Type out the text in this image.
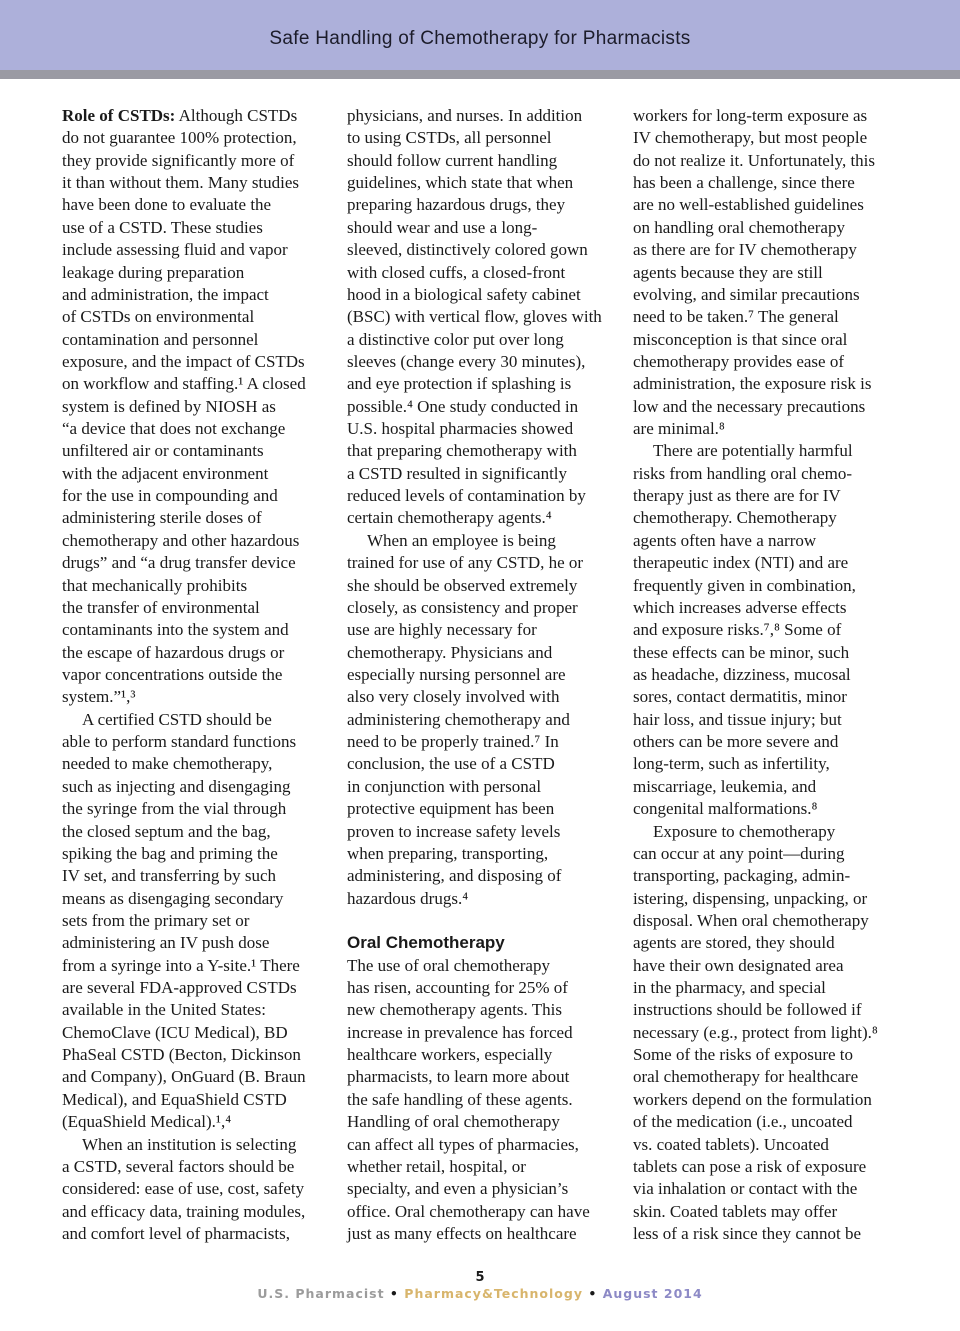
Safe Handling of Chemotherapy for Pharmacists
Role of CSTDs: Although CSTDs
do not guarantee 100% protection,
they provide significantly more of
it than without them. Many studies
have been done to evaluate the
use of a CSTD. These studies
include assessing fluid and vapor
leakage during preparation
and administration, the impact
of CSTDs on environmental
contamination and personnel
exposure, and the impact of CSTDs
on workflow and staffing.¹ A closed
system is defined by NIOSH as
“a device that does not exchange
unfiltered air or contaminants
with the adjacent environment
for the use in compounding and
administering sterile doses of
chemotherapy and other hazardous
drugs” and “a drug transfer device
that mechanically prohibits
the transfer of environmental
contaminants into the system and
the escape of hazardous drugs or
vapor concentrations outside the
system.”¹,³
A certified CSTD should be
able to perform standard functions
needed to make chemotherapy,
such as injecting and disengaging
the syringe from the vial through
the closed septum and the bag,
spiking the bag and priming the
IV set, and transferring by such
means as disengaging secondary
sets from the primary set or
administering an IV push dose
from a syringe into a Y-site.¹ There
are several FDA-approved CSTDs
available in the United States:
ChemoClave (ICU Medical), BD
PhaSeal CSTD (Becton, Dickinson
and Company), OnGuard (B. Braun
Medical), and EquaShield CSTD
(EquaShield Medical).¹,⁴
When an institution is selecting
a CSTD, several factors should be
considered: ease of use, cost, safety
and efficacy data, training modules,
and comfort level of pharmacists,
physicians, and nurses. In addition
to using CSTDs, all personnel
should follow current handling
guidelines, which state that when
preparing hazardous drugs, they
should wear and use a long-
sleeved, distinctively colored gown
with closed cuffs, a closed-front
hood in a biological safety cabinet
(BSC) with vertical flow, gloves with
a distinctive color put over long
sleeves (change every 30 minutes),
and eye protection if splashing is
possible.⁴ One study conducted in
U.S. hospital pharmacies showed
that preparing chemotherapy with
a CSTD resulted in significantly
reduced levels of contamination by
certain chemotherapy agents.⁴
When an employee is being
trained for use of any CSTD, he or
she should be observed extremely
closely, as consistency and proper
use are highly necessary for
chemotherapy. Physicians and
especially nursing personnel are
also very closely involved with
administering chemotherapy and
need to be properly trained.⁷ In
conclusion, the use of a CSTD
in conjunction with personal
protective equipment has been
proven to increase safety levels
when preparing, transporting,
administering, and disposing of
hazardous drugs.⁴
Oral Chemotherapy
The use of oral chemotherapy
has risen, accounting for 25% of
new chemotherapy agents. This
increase in prevalence has forced
healthcare workers, especially
pharmacists, to learn more about
the safe handling of these agents.
Handling of oral chemotherapy
can affect all types of pharmacies,
whether retail, hospital, or
specialty, and even a physician’s
office. Oral chemotherapy can have
just as many effects on healthcare
workers for long-term exposure as
IV chemotherapy, but most people
do not realize it. Unfortunately, this
has been a challenge, since there
are no well-established guidelines
on handling oral chemotherapy
as there are for IV chemotherapy
agents because they are still
evolving, and similar precautions
need to be taken.⁷ The general
misconception is that since oral
chemotherapy provides ease of
administration, the exposure risk is
low and the necessary precautions
are minimal.⁸
There are potentially harmful
risks from handling oral chemo-
therapy just as there are for IV
chemotherapy. Chemotherapy
agents often have a narrow
therapeutic index (NTI) and are
frequently given in combination,
which increases adverse effects
and exposure risks.⁷,⁸ Some of
these effects can be minor, such
as headache, dizziness, mucosal
sores, contact dermatitis, minor
hair loss, and tissue injury; but
others can be more severe and
long-term, such as infertility,
miscarriage, leukemia, and
congenital malformations.⁸
Exposure to chemotherapy
can occur at any point—during
transporting, packaging, admin-
istering, dispensing, unpacking, or
disposal. When oral chemotherapy
agents are stored, they should
have their own designated area
in the pharmacy, and special
instructions should be followed if
necessary (e.g., protect from light).⁸
Some of the risks of exposure to
oral chemotherapy for healthcare
workers depend on the formulation
of the medication (i.e., uncoated
vs. coated tablets). Uncoated
tablets can pose a risk of exposure
via inhalation or contact with the
skin. Coated tablets may offer
less of a risk since they cannot be
5
U.S. Pharmacist • Pharmacy&Technology • August 2014
